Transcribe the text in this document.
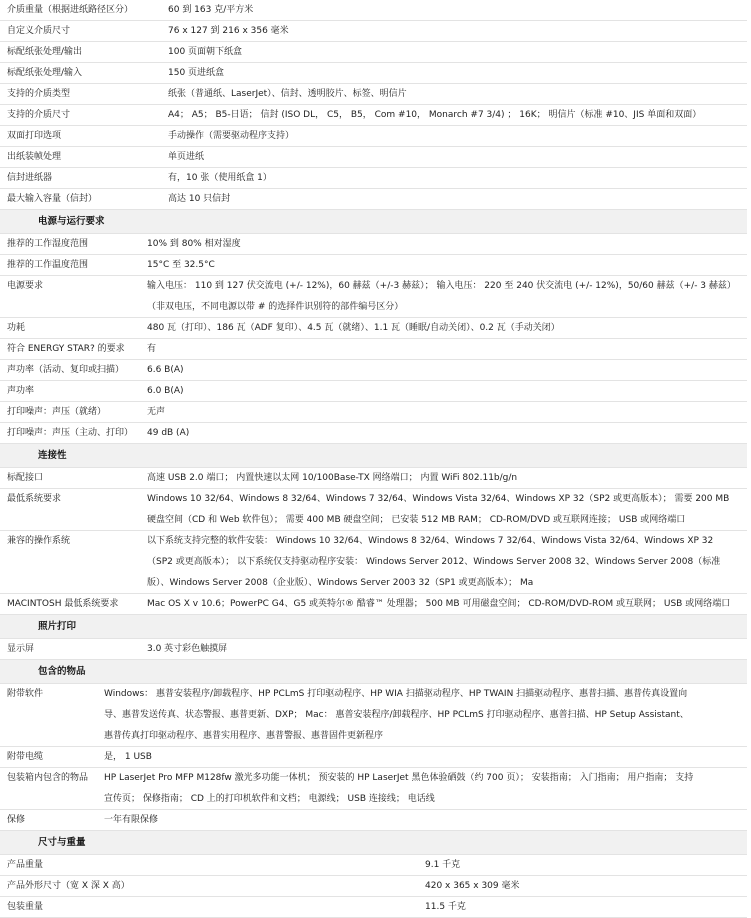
介质重量（根据进纸路径区分）	60 到 163 克/平方米
自定义介质尺寸	76 x 127 到 216 x 356 毫米
标配纸张处理/输出	100 页面朝下纸盒
标配纸张处理/输入	150 页进纸盒
支持的介质类型	纸张（普通纸、LaserJet）、信封、透明胶片、标签、明信片
支持的介质尺寸	A4； A5； B5-日语； 信封 (ISO DL， C5， B5， Com #10， Monarch #7 3/4) ； 16K； 明信片（标准 #10、JIS 单面和双面）
双面打印选项	手动操作（需要驱动程序支持）
出纸装帧处理	单页进纸
信封进纸器	有，10 张（使用纸盒 1）
最大输入容量（信封）	高达 10 只信封
电源与运行要求
推荐的工作湿度范围	10% 到 80% 相对湿度
推荐的工作温度范围	15°C 至 32.5°C
电源要求	输入电压： 110 到 127 伏交流电 (+/- 12%)，60 赫兹（+/-3 赫兹）； 输入电压： 220 至 240 伏交流电 (+/- 12%)，50/60 赫兹（+/- 3 赫兹）（非双电压，不同电源以带 # 的选择件识别符的部件编号区分）
功耗	480 瓦（打印）、186 瓦（ADF 复印）、4.5 瓦（就绪）、1.1 瓦（睡眠/自动关闭）、0.2 瓦（手动关闭）
符合 ENERGY STAR? 的要求 有
声功率（活动、复印或扫描）	6.6 B(A)
声功率	6.0 B(A)
打印噪声：声压（就绪）	无声
打印噪声：声压（主动、打印） 49 dB (A)
连接性
标配接口	高速 USB 2.0 端口； 内置快速以太网 10/100Base-TX 网络端口； 内置 WiFi 802.11b/g/n
最低系统要求	Windows 10 32/64、Windows 8 32/64、Windows 7 32/64、Windows Vista 32/64、Windows XP 32（SP2 或更高版本）； 需要 200 MB 硬盘空间（CD 和 Web 软件包）； 需要 400 MB 硬盘空间； 已安装 512 MB RAM； CD-ROM/DVD 或互联网连接； USB 或网络端口
兼容的操作系统	以下系统支持完整的软件安装： Windows 10 32/64、Windows 8 32/64、Windows 7 32/64、Windows Vista 32/64、Windows XP 32（SP2 或更高版本）； 以下系统仅支持驱动程序安装： Windows Server 2012、Windows Server 2008 32、Windows Server 2008（标准版）、Windows Server 2008（企业版）、Windows Server 2003 32（SP1 或更高版本）； Ma
MACINTOSH 最低系统要求	Mac OS X v 10.6；PowerPC G4、G5 或英特尔® 酷睿™ 处理器； 500 MB 可用磁盘空间； CD-ROM/DVD-ROM 或互联网； USB 或网络端口
照片打印
显示屏	3.0 英寸彩色触摸屏
包含的物品
附带软件	Windows： 惠普安装程序/卸载程序、HP PCLmS 打印驱动程序、HP WIA 扫描驱动程序、HP TWAIN 扫描驱动程序、惠普扫描、惠普传真设置向导、惠普发送传真、状态警报、惠普更新、DXP； Mac： 惠普安装程序/卸载程序、HP PCLmS 打印驱动程序、惠普扫描、HP Setup Assistant、惠普传真打印驱动程序、惠普实用程序、惠普警报、惠普固件更新程序
附带电缆	是， 1 USB
包装箱内包含的物品 HP LaserJet Pro MFP M128fw 激光多功能一体机； 预安装的 HP LaserJet 黑色体验硒鼓（约 700 页）； 安装指南； 入门指南； 用户指南； 支持宣传页； 保修指南； CD 上的打印机软件和文档； 电源线； USB 连接线； 电话线
保修	一年有限保修
尺寸与重量
产品重量	9.1 千克
产品外形尺寸（宽 X 深 X 高）	420 x 365 x 309 毫米
包装重量	11.5 千克
